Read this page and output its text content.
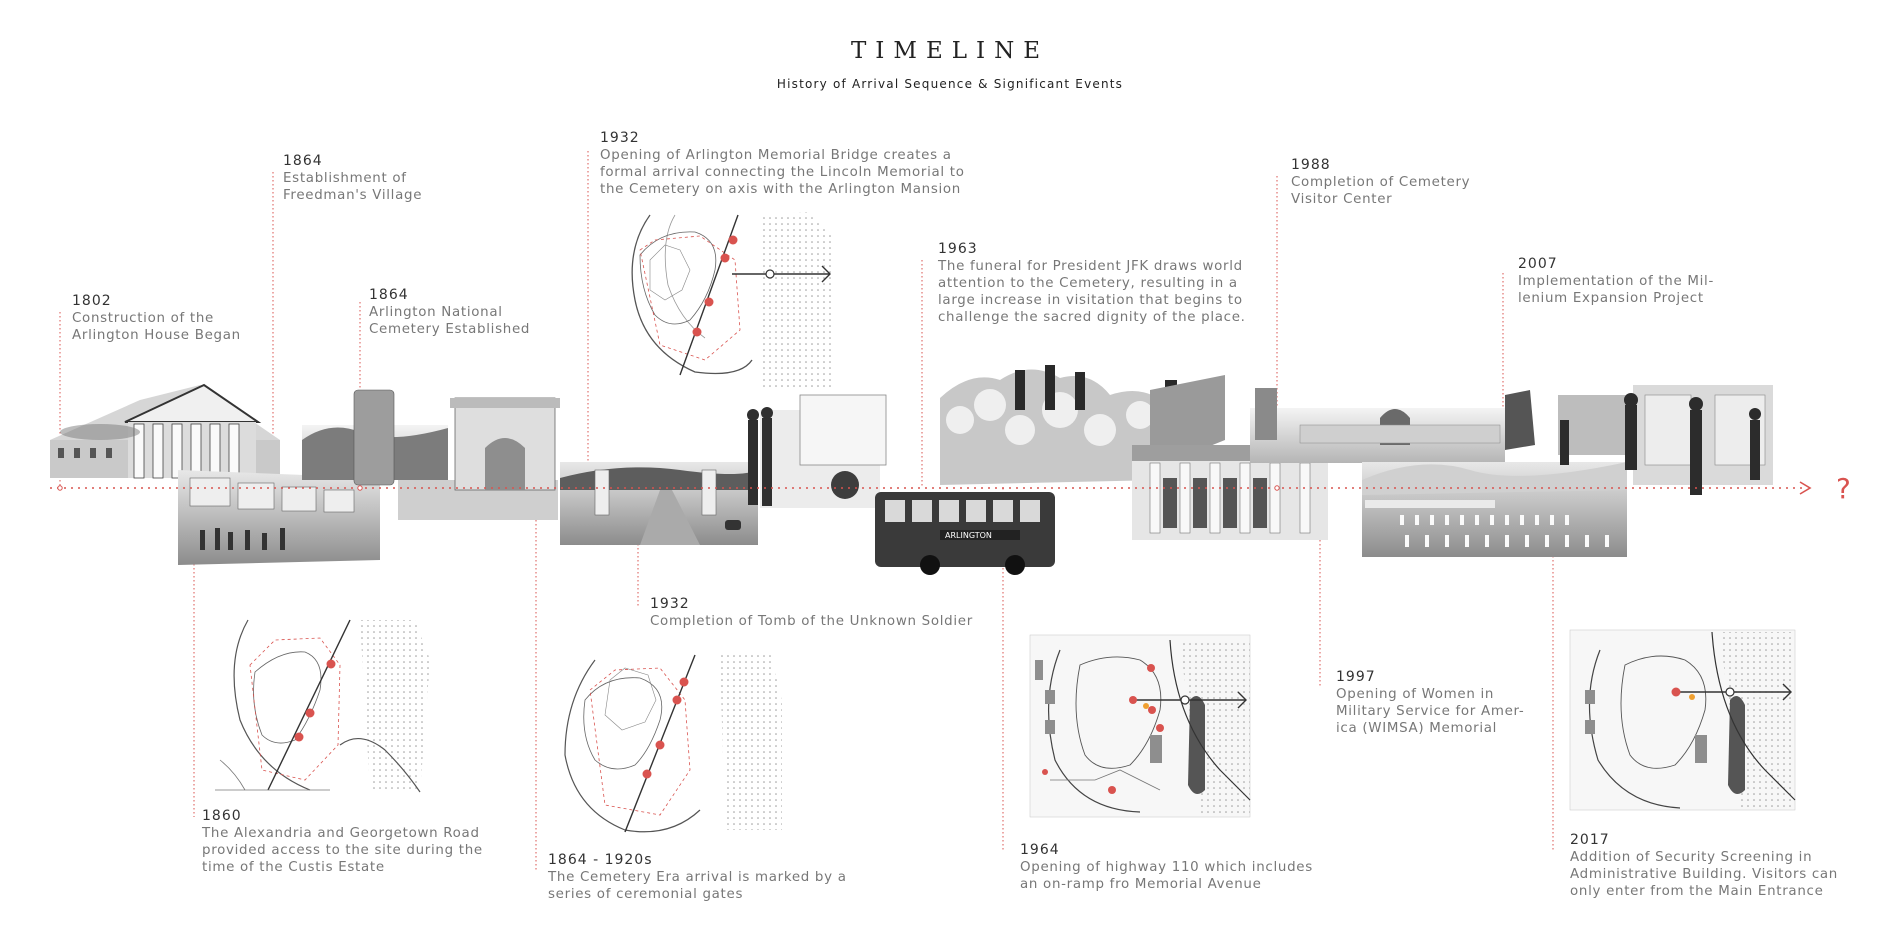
TIMELINE
History of Arrival Sequence & Significant Events
ARLINGTON
?
1802
Construction of the
Arlington House Began
1864
Establishment of
Freedman's Village
1864
Arlington National
Cemetery Established
1932
Opening of Arlington Memorial Bridge creates a
formal arrival connecting the Lincoln Memorial to
the Cemetery on axis with the Arlington Mansion
1963
The funeral for President JFK draws world
attention to the Cemetery, resulting in a
large increase in visitation that begins to
challenge the sacred dignity of the place.
1988
Completion of Cemetery
Visitor Center
2007
Implementation of the Mil-
lenium Expansion Project
1860
The Alexandria and Georgetown Road
provided access to the site during the
time of the Custis Estate
1932
Completion of Tomb of the Unknown Soldier
1864 - 1920s
The Cemetery Era arrival is marked by a
series of ceremonial gates
1964
Opening of highway 110 which includes
an on-ramp fro Memorial Avenue
1997
Opening of Women in
Military Service for Amer-
ica (WIMSA) Memorial
2017
Addition of Security Screening in
Administrative Building. Visitors can
only enter from the Main Entrance
